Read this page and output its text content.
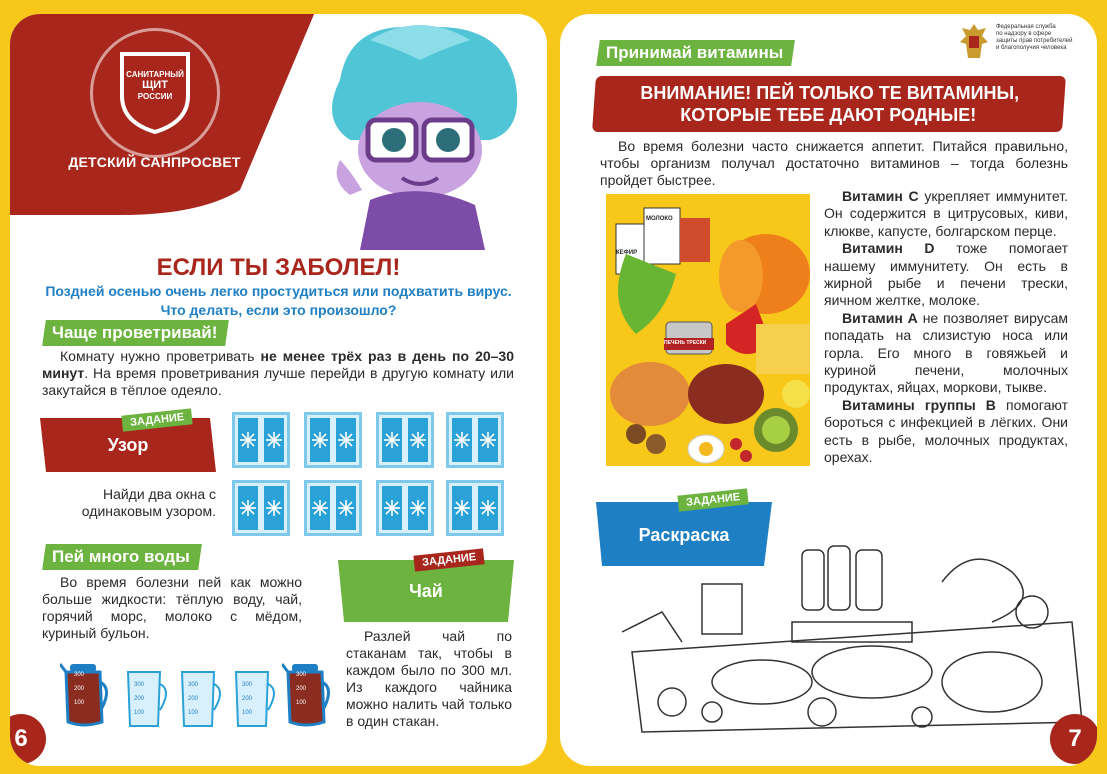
САНИТАРНЫЙ
ЩИТ
РОССИИ
ДЕТСКИЙ САНПРОСВЕТ
ЕСЛИ ТЫ ЗАБОЛЕЛ!
Поздней осенью очень легко простудиться или подхватить вирус. Что делать, если это произошло?
Чаще проветривай!
Комнату нужно проветривать не менее трёх раз в день по 20–30 минут. На время проветривания лучше перейди в другую комнату или закутайся в тёплое одеяло.
Узор
ЗАДАНИЕ
Найди два окна с одинаковым узором.
Пей много воды
Во время болезни пей как можно больше жидкости: тёплую воду, чай, горячий морс, молоко с мёдом, куриный бульон.
Чай
ЗАДАНИЕ
Разлей чай по стаканам так, чтобы в каждом было по 300 мл. Из каждого чайника можно налить чай только в один стакан.
300
200
100
300
200
100
300
200
100
300
200
100
300
200
100
6
Принимай витамины
Федеральная служба
по надзору в сфере
защиты прав потребителей
и благополучия человека
ВНИМАНИЕ! ПЕЙ ТОЛЬКО ТЕ ВИТАМИНЫ,
КОТОРЫЕ ТЕБЕ ДАЮТ РОДНЫЕ!
Во время болезни часто снижается аппетит. Питайся правильно, чтобы организм получал достаточно витаминов – тогда болезнь пройдет быстрее.
МОЛОКО
КЕФИР
ПЕЧЕНЬ ТРЕСКИ

Витамин С укрепляет иммунитет. Он содержится в цитрусовых, киви, клюкве, капусте, болгарском перце.

Витамин D тоже помогает нашему иммунитету. Он есть в жирной рыбе и печени трески, яичном желтке, молоке.

Витамин А не позволяет вирусам попадать на слизистую носа или горла. Его много в говяжьей и куриной печени, молочных продуктах, яйцах, моркови, тыкве.

Витамины группы В помогают бороться с инфекцией в лёгких. Они есть в рыбе, молочных продуктах, орехах.

Раскраска
ЗАДАНИЕ
7
